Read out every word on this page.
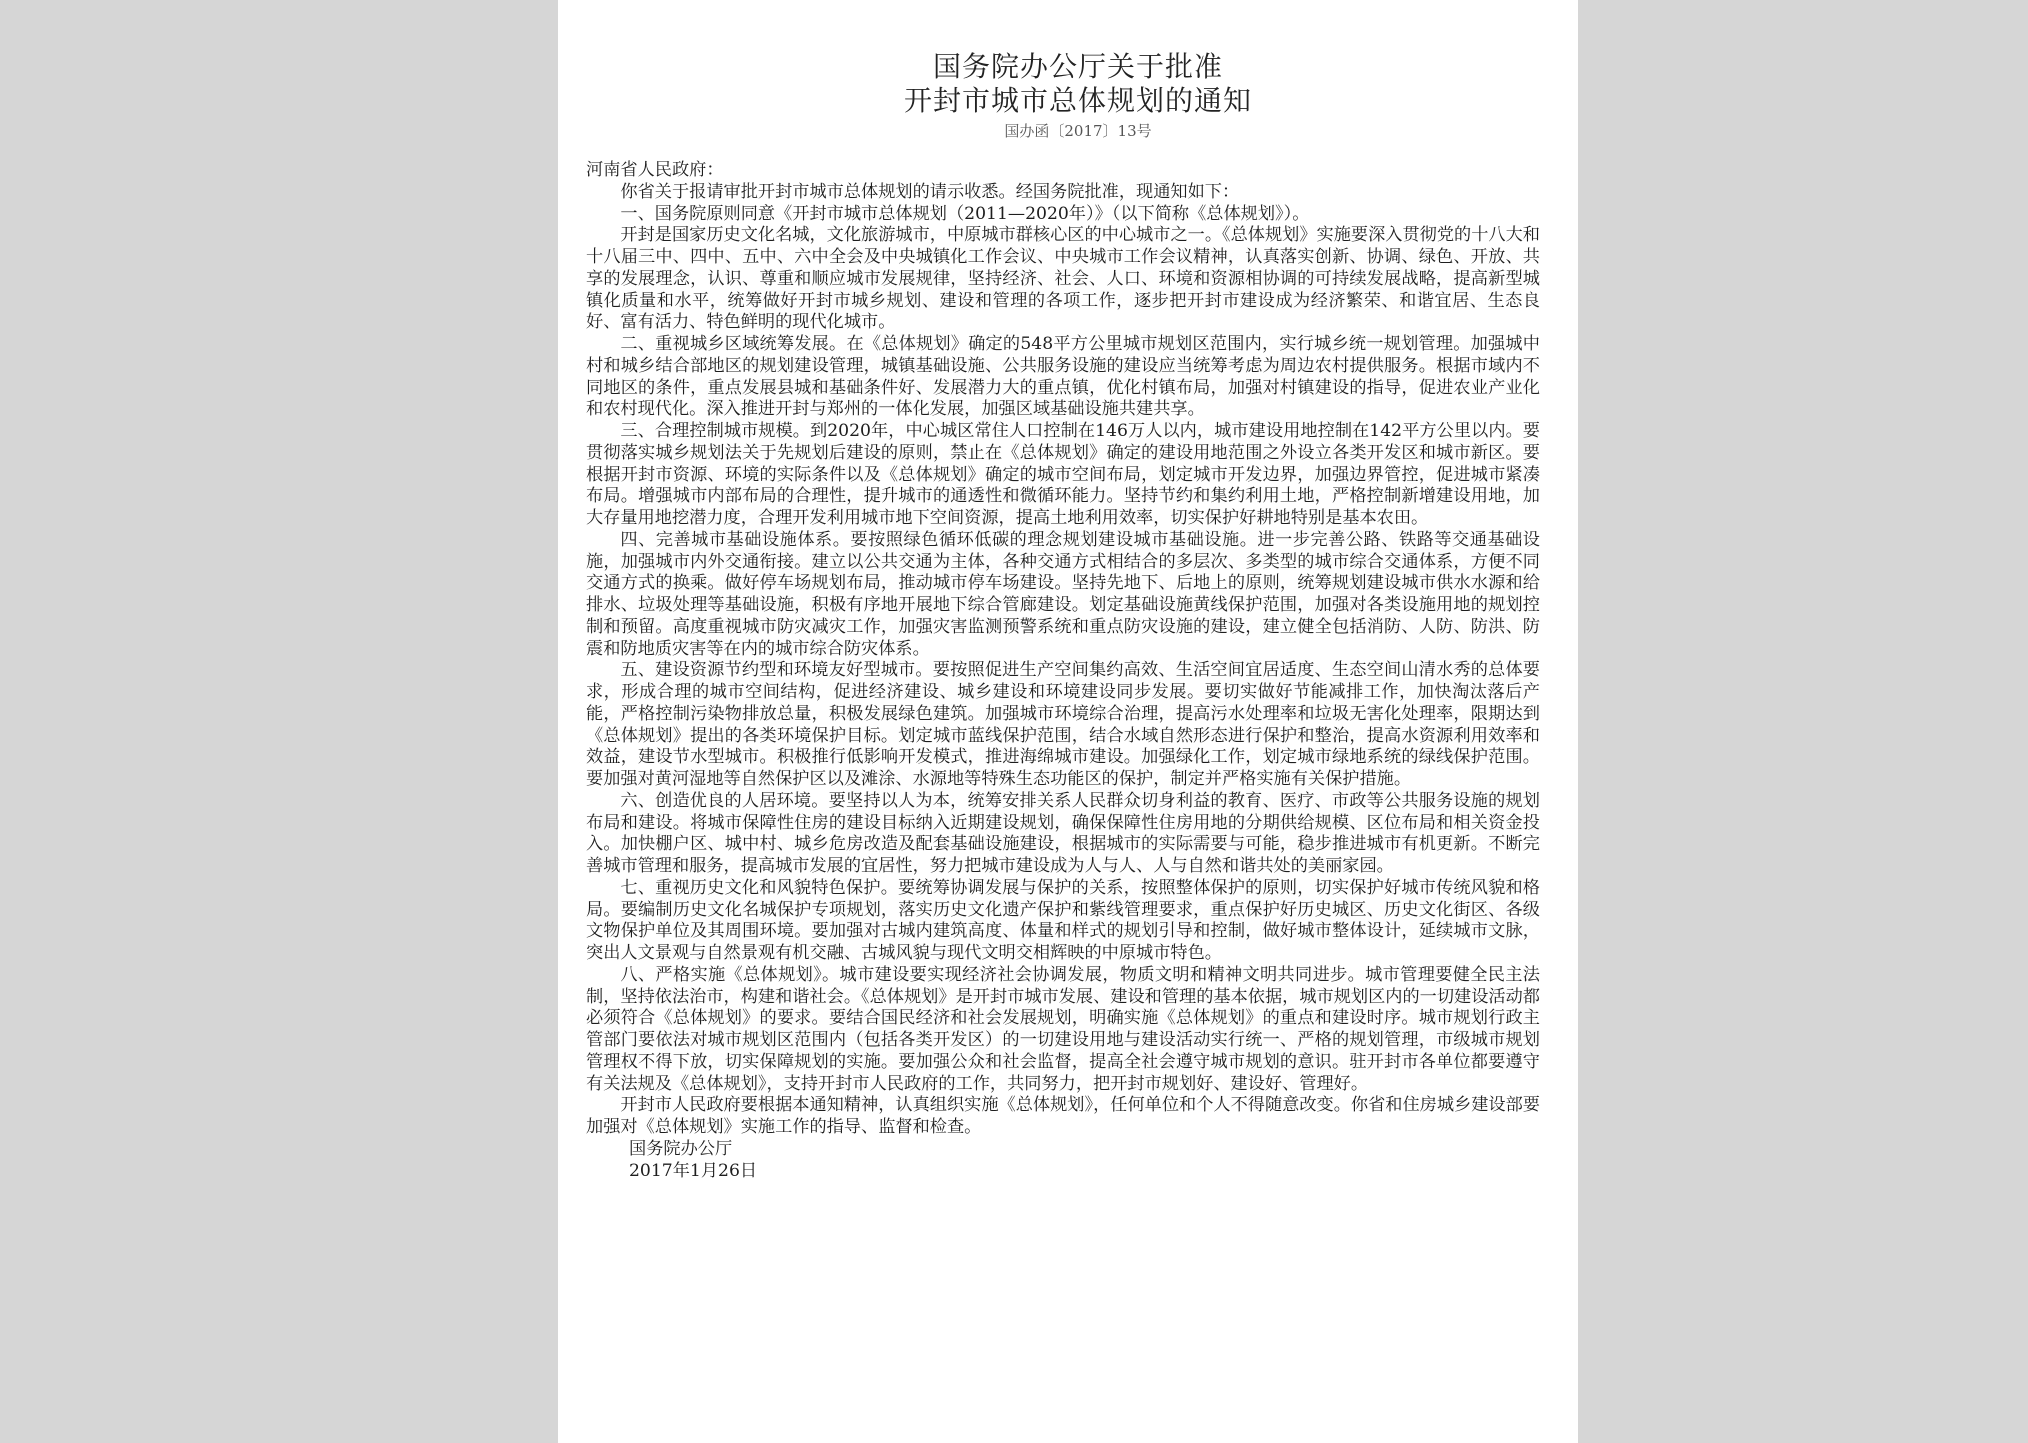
国务院办公厅关于批准
开封市城市总体规划的通知
国办函〔2017〕13号

河南省人民政府：

你省关于报请审批开封市城市总体规划的请示收悉。经国务院批准，现通知如下：

一、国务院原则同意《开封市城市总体规划（2011—2020年）》（以下简称《总体规划》）。

开封是国家历史文化名城，文化旅游城市，中原城市群核心区的中心城市之一。《总体规划》实施要深入贯彻党的十八大和十八届三中、四中、五中、六中全会及中央城镇化工作会议、中央城市工作会议精神，认真落实创新、协调、绿色、开放、共享的发展理念，认识、尊重和顺应城市发展规律，坚持经济、社会、人口、环境和资源相协调的可持续发展战略，提高新型城镇化质量和水平，统筹做好开封市城乡规划、建设和管理的各项工作，逐步把开封市建设成为经济繁荣、和谐宜居、生态良好、富有活力、特色鲜明的现代化城市。

二、重视城乡区域统筹发展。在《总体规划》确定的548平方公里城市规划区范围内，实行城乡统一规划管理。加强城中村和城乡结合部地区的规划建设管理，城镇基础设施、公共服务设施的建设应当统筹考虑为周边农村提供服务。根据市域内不同地区的条件，重点发展县城和基础条件好、发展潜力大的重点镇，优化村镇布局，加强对村镇建设的指导，促进农业产业化和农村现代化。深入推进开封与郑州的一体化发展，加强区域基础设施共建共享。

三、合理控制城市规模。到2020年，中心城区常住人口控制在146万人以内，城市建设用地控制在142平方公里以内。要贯彻落实城乡规划法关于先规划后建设的原则，禁止在《总体规划》确定的建设用地范围之外设立各类开发区和城市新区。要根据开封市资源、环境的实际条件以及《总体规划》确定的城市空间布局，划定城市开发边界，加强边界管控，促进城市紧凑布局。增强城市内部布局的合理性，提升城市的通透性和微循环能力。坚持节约和集约利用土地，严格控制新增建设用地，加大存量用地挖潜力度，合理开发利用城市地下空间资源，提高土地利用效率，切实保护好耕地特别是基本农田。

四、完善城市基础设施体系。要按照绿色循环低碳的理念规划建设城市基础设施。进一步完善公路、铁路等交通基础设施，加强城市内外交通衔接。建立以公共交通为主体，各种交通方式相结合的多层次、多类型的城市综合交通体系，方便不同交通方式的换乘。做好停车场规划布局，推动城市停车场建设。坚持先地下、后地上的原则，统筹规划建设城市供水水源和给排水、垃圾处理等基础设施，积极有序地开展地下综合管廊建设。划定基础设施黄线保护范围，加强对各类设施用地的规划控制和预留。高度重视城市防灾减灾工作，加强灾害监测预警系统和重点防灾设施的建设，建立健全包括消防、人防、防洪、防震和防地质灾害等在内的城市综合防灾体系。

五、建设资源节约型和环境友好型城市。要按照促进生产空间集约高效、生活空间宜居适度、生态空间山清水秀的总体要求，形成合理的城市空间结构，促进经济建设、城乡建设和环境建设同步发展。要切实做好节能减排工作，加快淘汰落后产能，严格控制污染物排放总量，积极发展绿色建筑。加强城市环境综合治理，提高污水处理率和垃圾无害化处理率，限期达到《总体规划》提出的各类环境保护目标。划定城市蓝线保护范围，结合水域自然形态进行保护和整治，提高水资源利用效率和效益，建设节水型城市。积极推行低影响开发模式，推进海绵城市建设。加强绿化工作，划定城市绿地系统的绿线保护范围。要加强对黄河湿地等自然保护区以及滩涂、水源地等特殊生态功能区的保护，制定并严格实施有关保护措施。

六、创造优良的人居环境。要坚持以人为本，统筹安排关系人民群众切身利益的教育、医疗、市政等公共服务设施的规划布局和建设。将城市保障性住房的建设目标纳入近期建设规划，确保保障性住房用地的分期供给规模、区位布局和相关资金投入。加快棚户区、城中村、城乡危房改造及配套基础设施建设，根据城市的实际需要与可能，稳步推进城市有机更新。不断完善城市管理和服务，提高城市发展的宜居性，努力把城市建设成为人与人、人与自然和谐共处的美丽家园。

七、重视历史文化和风貌特色保护。要统筹协调发展与保护的关系，按照整体保护的原则，切实保护好城市传统风貌和格局。要编制历史文化名城保护专项规划，落实历史文化遗产保护和紫线管理要求，重点保护好历史城区、历史文化街区、各级文物保护单位及其周围环境。要加强对古城内建筑高度、体量和样式的规划引导和控制，做好城市整体设计，延续城市文脉，突出人文景观与自然景观有机交融、古城风貌与现代文明交相辉映的中原城市特色。

八、严格实施《总体规划》。城市建设要实现经济社会协调发展，物质文明和精神文明共同进步。城市管理要健全民主法制，坚持依法治市，构建和谐社会。《总体规划》是开封市城市发展、建设和管理的基本依据，城市规划区内的一切建设活动都必须符合《总体规划》的要求。要结合国民经济和社会发展规划，明确实施《总体规划》的重点和建设时序。城市规划行政主管部门要依法对城市规划区范围内（包括各类开发区）的一切建设用地与建设活动实行统一、严格的规划管理，市级城市规划管理权不得下放，切实保障规划的实施。要加强公众和社会监督，提高全社会遵守城市规划的意识。驻开封市各单位都要遵守有关法规及《总体规划》，支持开封市人民政府的工作，共同努力，把开封市规划好、建设好、管理好。

开封市人民政府要根据本通知精神，认真组织实施《总体规划》，任何单位和个人不得随意改变。你省和住房城乡建设部要加强对《总体规划》实施工作的指导、监督和检查。

国务院办公厅
2017年1月26日
